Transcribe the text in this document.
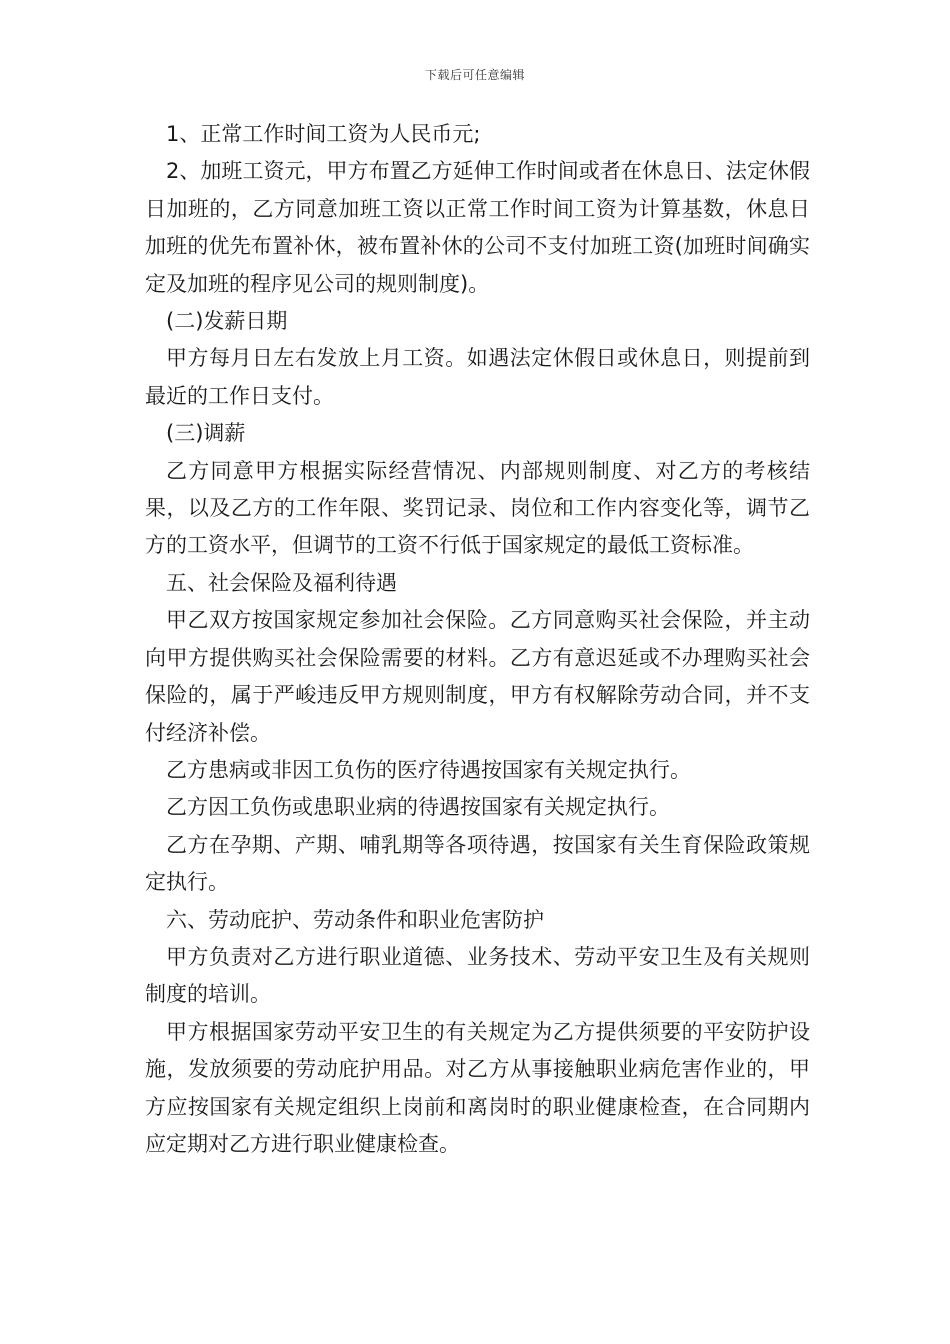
下载后可任意编辑

1、正常工作时间工资为人民币元;

2、加班工资元，甲方布置乙方延伸工作时间或者在休息日、法定休假日加班的，乙方同意加班工资以正常工作时间工资为计算基数，休息日加班的优先布置补休，被布置补休的公司不支付加班工资(加班时间确实定及加班的程序见公司的规则制度)。

(二)发薪日期

甲方每月日左右发放上月工资。如遇法定休假日或休息日，则提前到最近的工作日支付。

(三)调薪

乙方同意甲方根据实际经营情况、内部规则制度、对乙方的考核结果，以及乙方的工作年限、奖罚记录、岗位和工作内容变化等，调节乙方的工资水平，但调节的工资不行低于国家规定的最低工资标准。

五、社会保险及福利待遇

甲乙双方按国家规定参加社会保险。乙方同意购买社会保险，并主动向甲方提供购买社会保险需要的材料。乙方有意迟延或不办理购买社会保险的，属于严峻违反甲方规则制度，甲方有权解除劳动合同，并不支付经济补偿。

乙方患病或非因工负伤的医疗待遇按国家有关规定执行。

乙方因工负伤或患职业病的待遇按国家有关规定执行。

乙方在孕期、产期、哺乳期等各项待遇，按国家有关生育保险政策规定执行。

六、劳动庇护、劳动条件和职业危害防护

甲方负责对乙方进行职业道德、业务技术、劳动平安卫生及有关规则制度的培训。

甲方根据国家劳动平安卫生的有关规定为乙方提供须要的平安防护设施，发放须要的劳动庇护用品。对乙方从事接触职业病危害作业的，甲方应按国家有关规定组织上岗前和离岗时的职业健康检查，在合同期内应定期对乙方进行职业健康检查。
